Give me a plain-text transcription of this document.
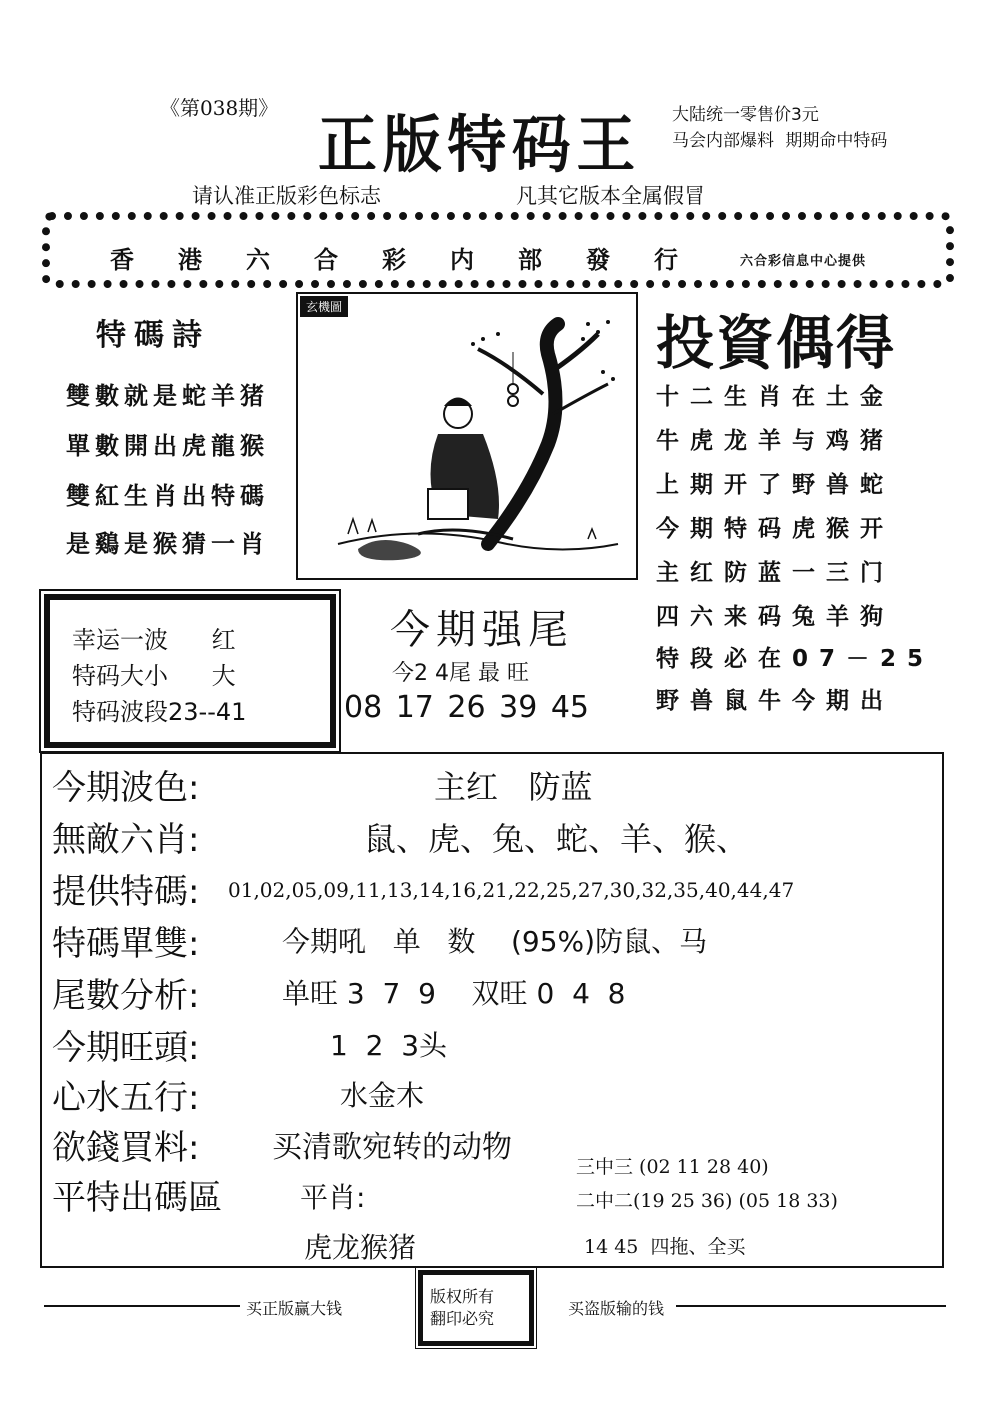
《第038期》 正版特码王 大陆统一零售价3元
马会内部爆料 期期命中特码
请认准正版彩色标志	凡其它版本全属假冒
香港六合彩内部發行 六合彩信息中心提供
特碼詩
雙數就是蛇羊猪
單數開出虎龍猴
雙紅生肖出特碼
是鷄是猴猜一肖
玄機圖
投資偶得
十二生肖在土金
牛虎龙羊与鸡猪
上期开了野兽蛇
今期特码虎猴开
主红防蓝一三门
四六来码兔羊狗
特段必在07－25
野兽鼠牛今期出
幸运一波 红
特码大小 大
特码波段23--41
今期强尾
今2 4尾 最 旺
08 17 26 39 45
今期波色:	主红   防蓝
無敵六肖:	鼠、虎、兔、蛇、羊、猴、
提供特碼: 01,02,05,09,11,13,14,16,21,22,25,27,30,32,35,40,44,47
特碼單雙:	今期吼   单   数    (95%)防鼠、马
尾數分析:	单旺 3  7  9    双旺 0  4  8
今期旺頭:	1  2  3头
心水五行:	水金木
欲錢買料: 买清歌宛转的动物
平特出碼區	平肖:
虎龙猴猪
三中三 (02 11 28 40)
二中二(19 25 36) (05 18 33)
14 45  四拖、全买
买正版赢大钱
版权所有
翻印必究
买盗版输的钱
